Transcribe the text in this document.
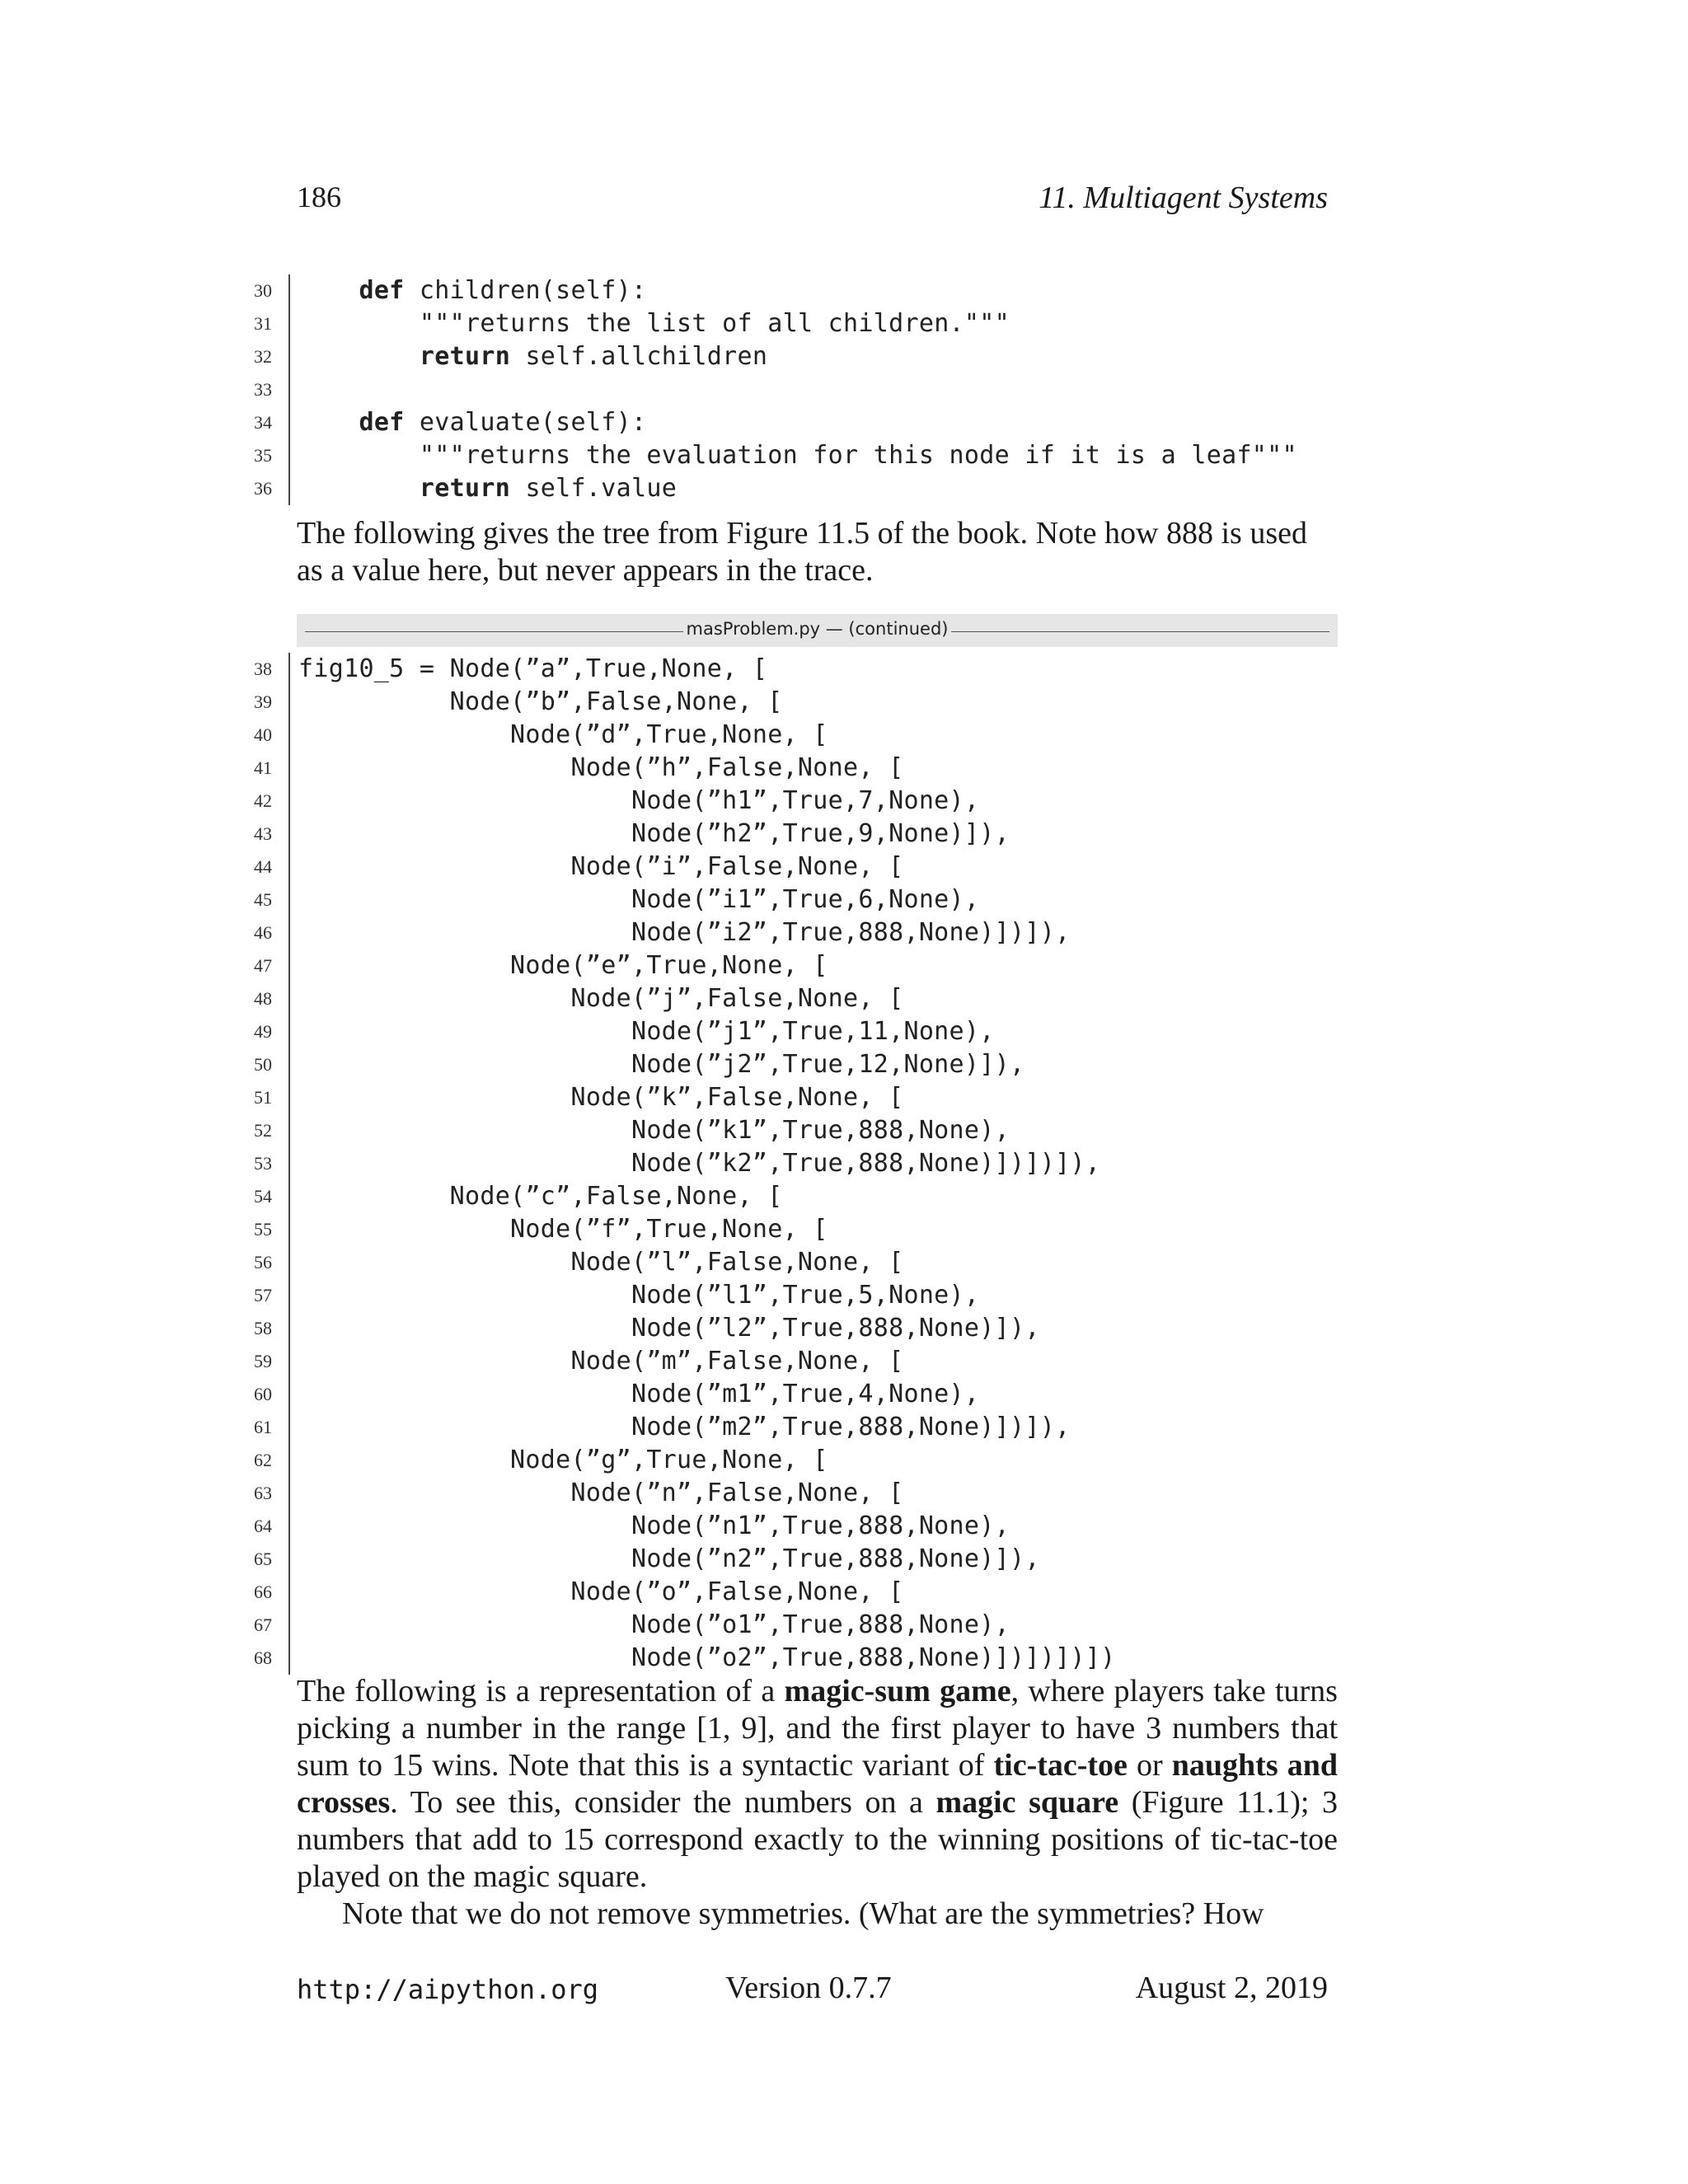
186	11. Multiagent Systems
30	def children(self):
31	"""returns the list of all children."""
32	return self.allchildren
33
34	def evaluate(self):
35	"""returns the evaluation for this node if it is a leaf"""
36	return self.value
The following gives the tree from Figure 11.5 of the book. Note how 888 is used as a value here, but never appears in the trace.
masProblem.py — (continued)
38 fig10_5 = Node(”a”,True,None, [
39 Node(”b”,False,None, [
40 Node(”d”,True,None, [
41 Node(”h”,False,None, [
42 Node(”h1”,True,7,None),
43 Node(”h2”,True,9,None)]),
44 Node(”i”,False,None, [
45 Node(”i1”,True,6,None),
46 Node(”i2”,True,888,None)])]),
47 Node(”e”,True,None, [
48 Node(”j”,False,None, [
49 Node(”j1”,True,11,None),
50 Node(”j2”,True,12,None)]),
51 Node(”k”,False,None, [
52 Node(”k1”,True,888,None),
53 Node(”k2”,True,888,None)])])]),
54 Node(”c”,False,None, [
55 Node(”f”,True,None, [
56 Node(”l”,False,None, [
57 Node(”l1”,True,5,None),
58 Node(”l2”,True,888,None)]),
59 Node(”m”,False,None, [
60 Node(”m1”,True,4,None),
61 Node(”m2”,True,888,None)])]),
62 Node(”g”,True,None, [
63 Node(”n”,False,None, [
64 Node(”n1”,True,888,None),
65 Node(”n2”,True,888,None)]),
66 Node(”o”,False,None, [
67 Node(”o1”,True,888,None),
68 Node(”o2”,True,888,None)])])])])
The following is a representation of a magic-sum game, where players take turns picking a number in the range [1, 9], and the first player to have 3 numbers that sum to 15 wins. Note that this is a syntactic variant of tic-tac-toe or naughts and crosses. To see this, consider the numbers on a magic square (Figure 11.1); 3 numbers that add to 15 correspond exactly to the winning positions of tic-tac-toe played on the magic square.
Note that we do not remove symmetries. (What are the symmetries? How
http://aipython.org	Version 0.7.7	August 2, 2019
